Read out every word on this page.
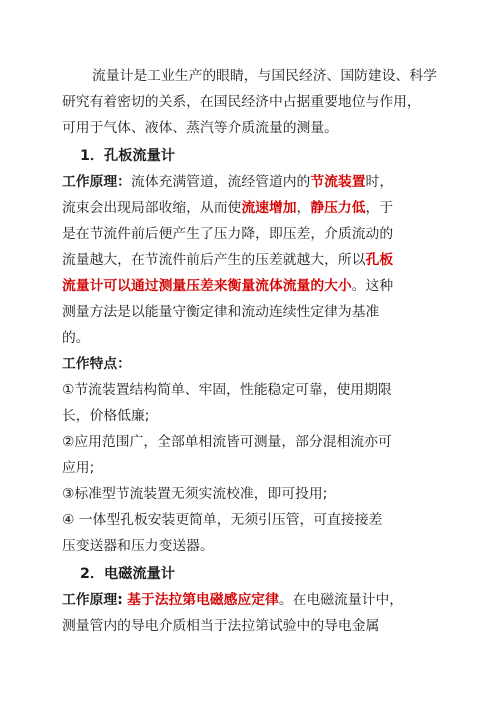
流量计是工业生产的眼睛，与国民经济、国防建设、科学
研究有着密切的关系，在国民经济中占据重要地位与作用，
可用于气体、液体、蒸汽等介质流量的测量。
1．孔板流量计
工作原理：流体充满管道，流经管道内的节流装置时，
流束会出现局部收缩，从而使流速增加，静压力低，于
是在节流件前后便产生了压力降，即压差，介质流动的
流量越大，在节流件前后产生的压差就越大，所以孔板
流量计可以通过测量压差来衡量流体流量的大小。这种
测量方法是以能量守衡定律和流动连续性定律为基准
的。
工作特点：
①节流装置结构简单、牢固，性能稳定可靠，使用期限
长，价格低廉;
②应用范围广，全部单相流皆可测量，部分混相流亦可
应用;
③标准型节流装置无须实流校准，即可投用;
④ 一体型孔板安装更简单，无须引压管，可直接接差
压变送器和压力变送器。
2．电磁流量计
工作原理: 基于法拉第电磁感应定律。在电磁流量计中，
测量管内的导电介质相当于法拉第试验中的导电金属
